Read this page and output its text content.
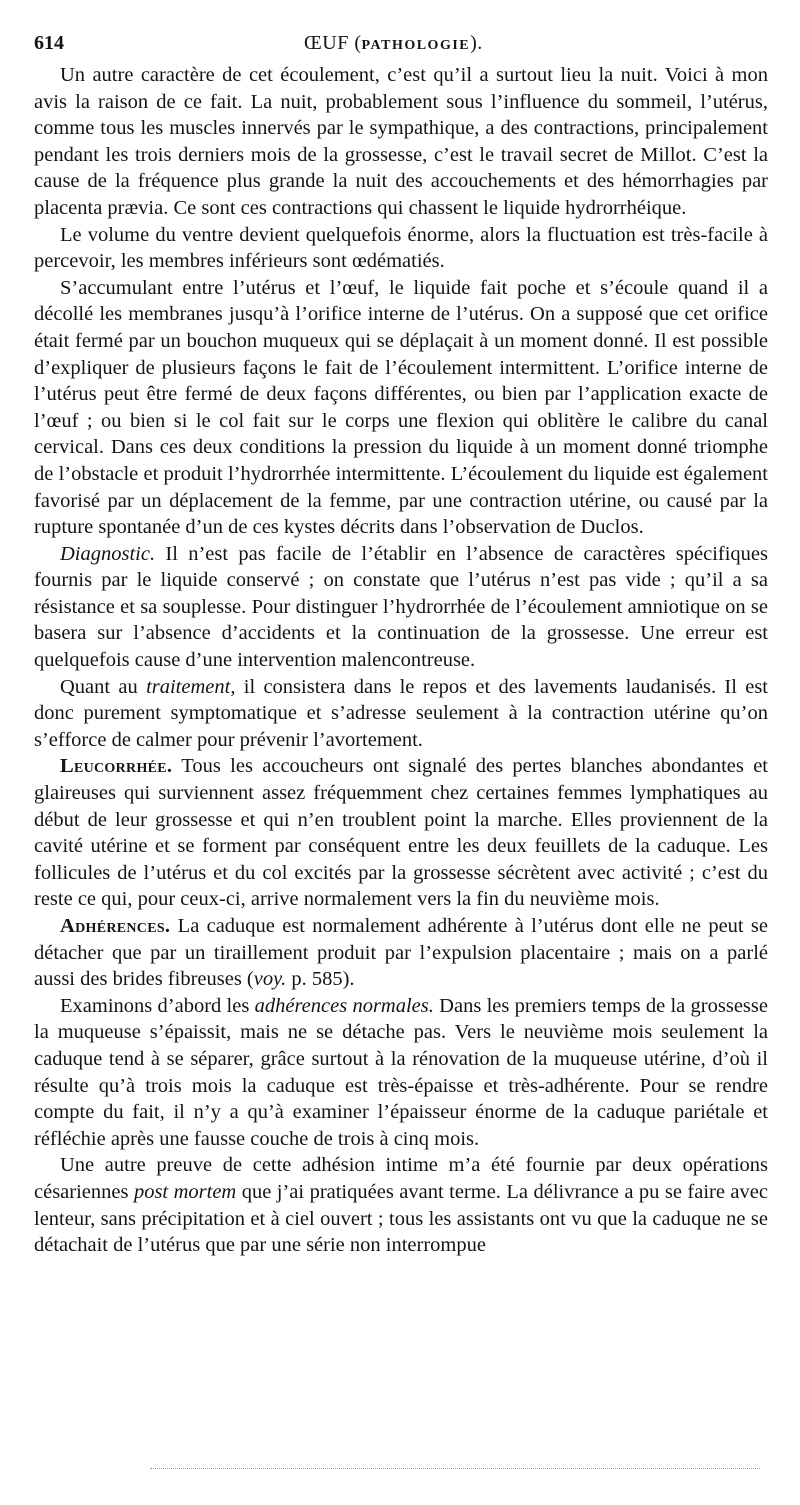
614	ŒUF (PATHOLOGIE).

Un autre caractère de cet écoulement, c’est qu’il a surtout lieu la nuit. Voici à mon avis la raison de ce fait. La nuit, probablement sous l’influence du sommeil, l’utérus, comme tous les muscles innervés par le sympathique, a des contractions, principalement pendant les trois derniers mois de la grossesse, c’est le travail secret de Millot. C’est la cause de la fréquence plus grande la nuit des accouchements et des hémorrhagies par placenta prævia. Ce sont ces contractions qui chassent le liquide hydrorrhéique.

Le volume du ventre devient quelquefois énorme, alors la fluctuation est très-facile à percevoir, les membres inférieurs sont œdématiés.

S’accumulant entre l’utérus et l’œuf, le liquide fait poche et s’écoule quand il a décollé les membranes jusqu’à l’orifice interne de l’utérus. On a supposé que cet orifice était fermé par un bouchon muqueux qui se déplaçait à un moment donné. Il est possible d’expliquer de plusieurs façons le fait de l’écoulement intermittent. L’orifice interne de l’utérus peut être fermé de deux façons différentes, ou bien par l’application exacte de l’œuf ; ou bien si le col fait sur le corps une flexion qui oblitère le calibre du canal cervical. Dans ces deux conditions la pression du liquide à un moment donné triomphe de l’obstacle et produit l’hydrorrhée intermittente. L’écoulement du liquide est également favorisé par un déplacement de la femme, par une contraction utérine, ou causé par la rupture spontanée d’un de ces kystes décrits dans l’observation de Duclos.

Diagnostic. Il n’est pas facile de l’établir en l’absence de caractères spécifiques fournis par le liquide conservé ; on constate que l’utérus n’est pas vide ; qu’il a sa résistance et sa souplesse. Pour distinguer l’hydrorrhée de l’écoulement amniotique on se basera sur l’absence d’accidents et la continuation de la grossesse. Une erreur est quelquefois cause d’une intervention malencontreuse.

Quant au traitement, il consistera dans le repos et des lavements laudanisés. Il est donc purement symptomatique et s’adresse seulement à la contraction utérine qu’on s’efforce de calmer pour prévenir l’avortement.

Leucorrhée. Tous les accoucheurs ont signalé des pertes blanches abondantes et glaireuses qui surviennent assez fréquemment chez certaines femmes lymphatiques au début de leur grossesse et qui n’en troublent point la marche. Elles proviennent de la cavité utérine et se forment par conséquent entre les deux feuillets de la caduque. Les follicules de l’utérus et du col excités par la grossesse sécrètent avec activité ; c’est du reste ce qui, pour ceux-ci, arrive normalement vers la fin du neuvième mois.

Adhérences. La caduque est normalement adhérente à l’utérus dont elle ne peut se détacher que par un tiraillement produit par l’expulsion placentaire ; mais on a parlé aussi des brides fibreuses (voy. p. 585).

Examinons d’abord les adhérences normales. Dans les premiers temps de la grossesse la muqueuse s’épaissit, mais ne se détache pas. Vers le neuvième mois seulement la caduque tend à se séparer, grâce surtout à la rénovation de la muqueuse utérine, d’où il résulte qu’à trois mois la caduque est très-épaisse et très-adhérente. Pour se rendre compte du fait, il n’y a qu’à examiner l’épaisseur énorme de la caduque pariétale et réfléchie après une fausse couche de trois à cinq mois.

Une autre preuve de cette adhésion intime m’a été fournie par deux opérations césariennes post mortem que j’ai pratiquées avant terme. La délivrance a pu se faire avec lenteur, sans précipitation et à ciel ouvert ; tous les assistants ont vu que la caduque ne se détachait de l’utérus que par une série non interrompue
